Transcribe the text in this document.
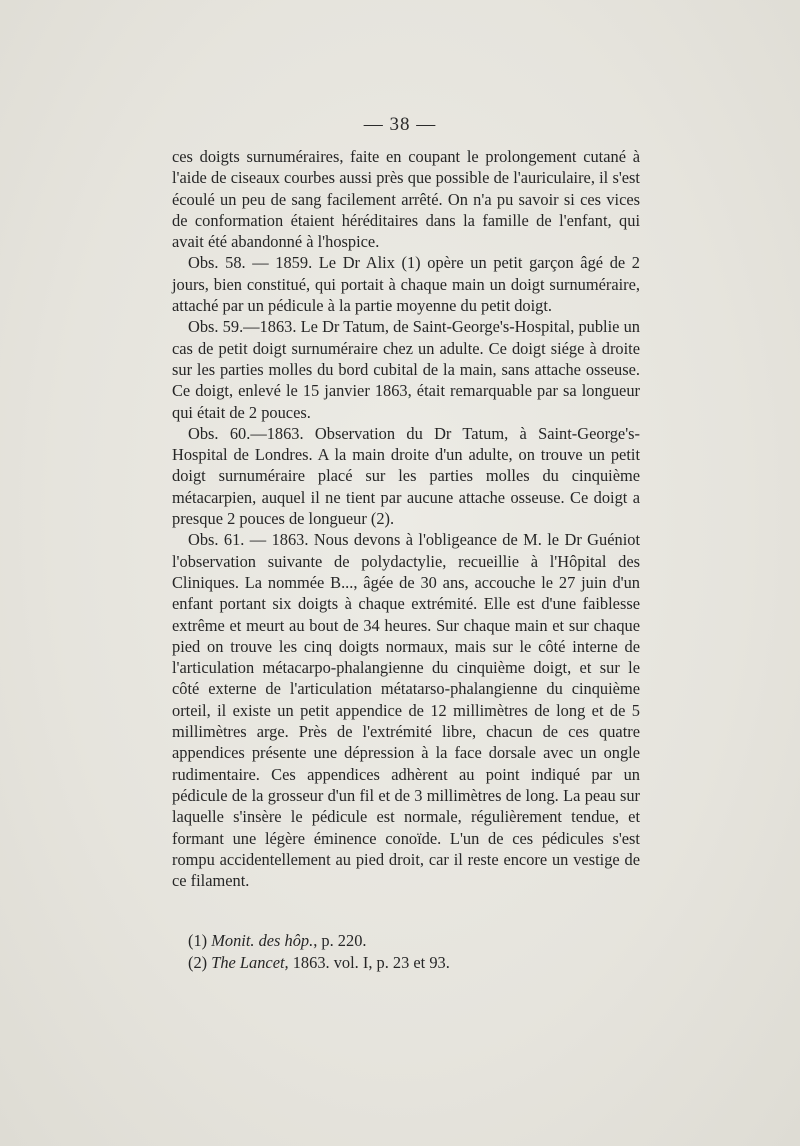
— 38 —

ces doigts surnuméraires, faite en coupant le prolongement cutané à l'aide de ciseaux courbes aussi près que possible de l'auriculaire, il s'est écoulé un peu de sang facilement arrêté. On n'a pu savoir si ces vices de conformation étaient héréditaires dans la famille de l'enfant, qui avait été abandonné à l'hospice.

Obs. 58. — 1859. Le Dr Alix (1) opère un petit garçon âgé de 2 jours, bien constitué, qui portait à chaque main un doigt surnuméraire, attaché par un pédicule à la partie moyenne du petit doigt.

Obs. 59.—1863. Le Dr Tatum, de Saint-George's-Hospital, publie un cas de petit doigt surnuméraire chez un adulte. Ce doigt siége à droite sur les parties molles du bord cubital de la main, sans attache osseuse. Ce doigt, enlevé le 15 janvier 1863, était remarquable par sa longueur qui était de 2 pouces.

Obs. 60.—1863. Observation du Dr Tatum, à Saint-George's-Hospital de Londres. A la main droite d'un adulte, on trouve un petit doigt surnuméraire placé sur les parties molles du cinquième métacarpien, auquel il ne tient par aucune attache osseuse. Ce doigt a presque 2 pouces de longueur (2).

Obs. 61. — 1863. Nous devons à l'obligeance de M. le Dr Guéniot l'observation suivante de polydactylie, recueillie à l'Hôpital des Cliniques. La nommée B..., âgée de 30 ans, accouche le 27 juin d'un enfant portant six doigts à chaque extrémité. Elle est d'une faiblesse extrême et meurt au bout de 34 heures. Sur chaque main et sur chaque pied on trouve les cinq doigts normaux, mais sur le côté interne de l'articulation métacarpo-phalangienne du cinquième doigt, et sur le côté externe de l'articulation métatarso-phalangienne du cinquième orteil, il existe un petit appendice de 12 millimètres de long et de 5 millimètres arge. Près de l'extrémité libre, chacun de ces quatre appendices présente une dépression à la face dorsale avec un ongle rudimentaire. Ces appendices adhèrent au point indiqué par un pédicule de la grosseur d'un fil et de 3 millimètres de long. La peau sur laquelle s'insère le pédicule est normale, régulièrement tendue, et formant une légère éminence conoïde. L'un de ces pédicules s'est rompu accidentellement au pied droit, car il reste encore un vestige de ce filament.

(1) Monit. des hôp., p. 220.

(2) The Lancet, 1863. vol. I, p. 23 et 93.
